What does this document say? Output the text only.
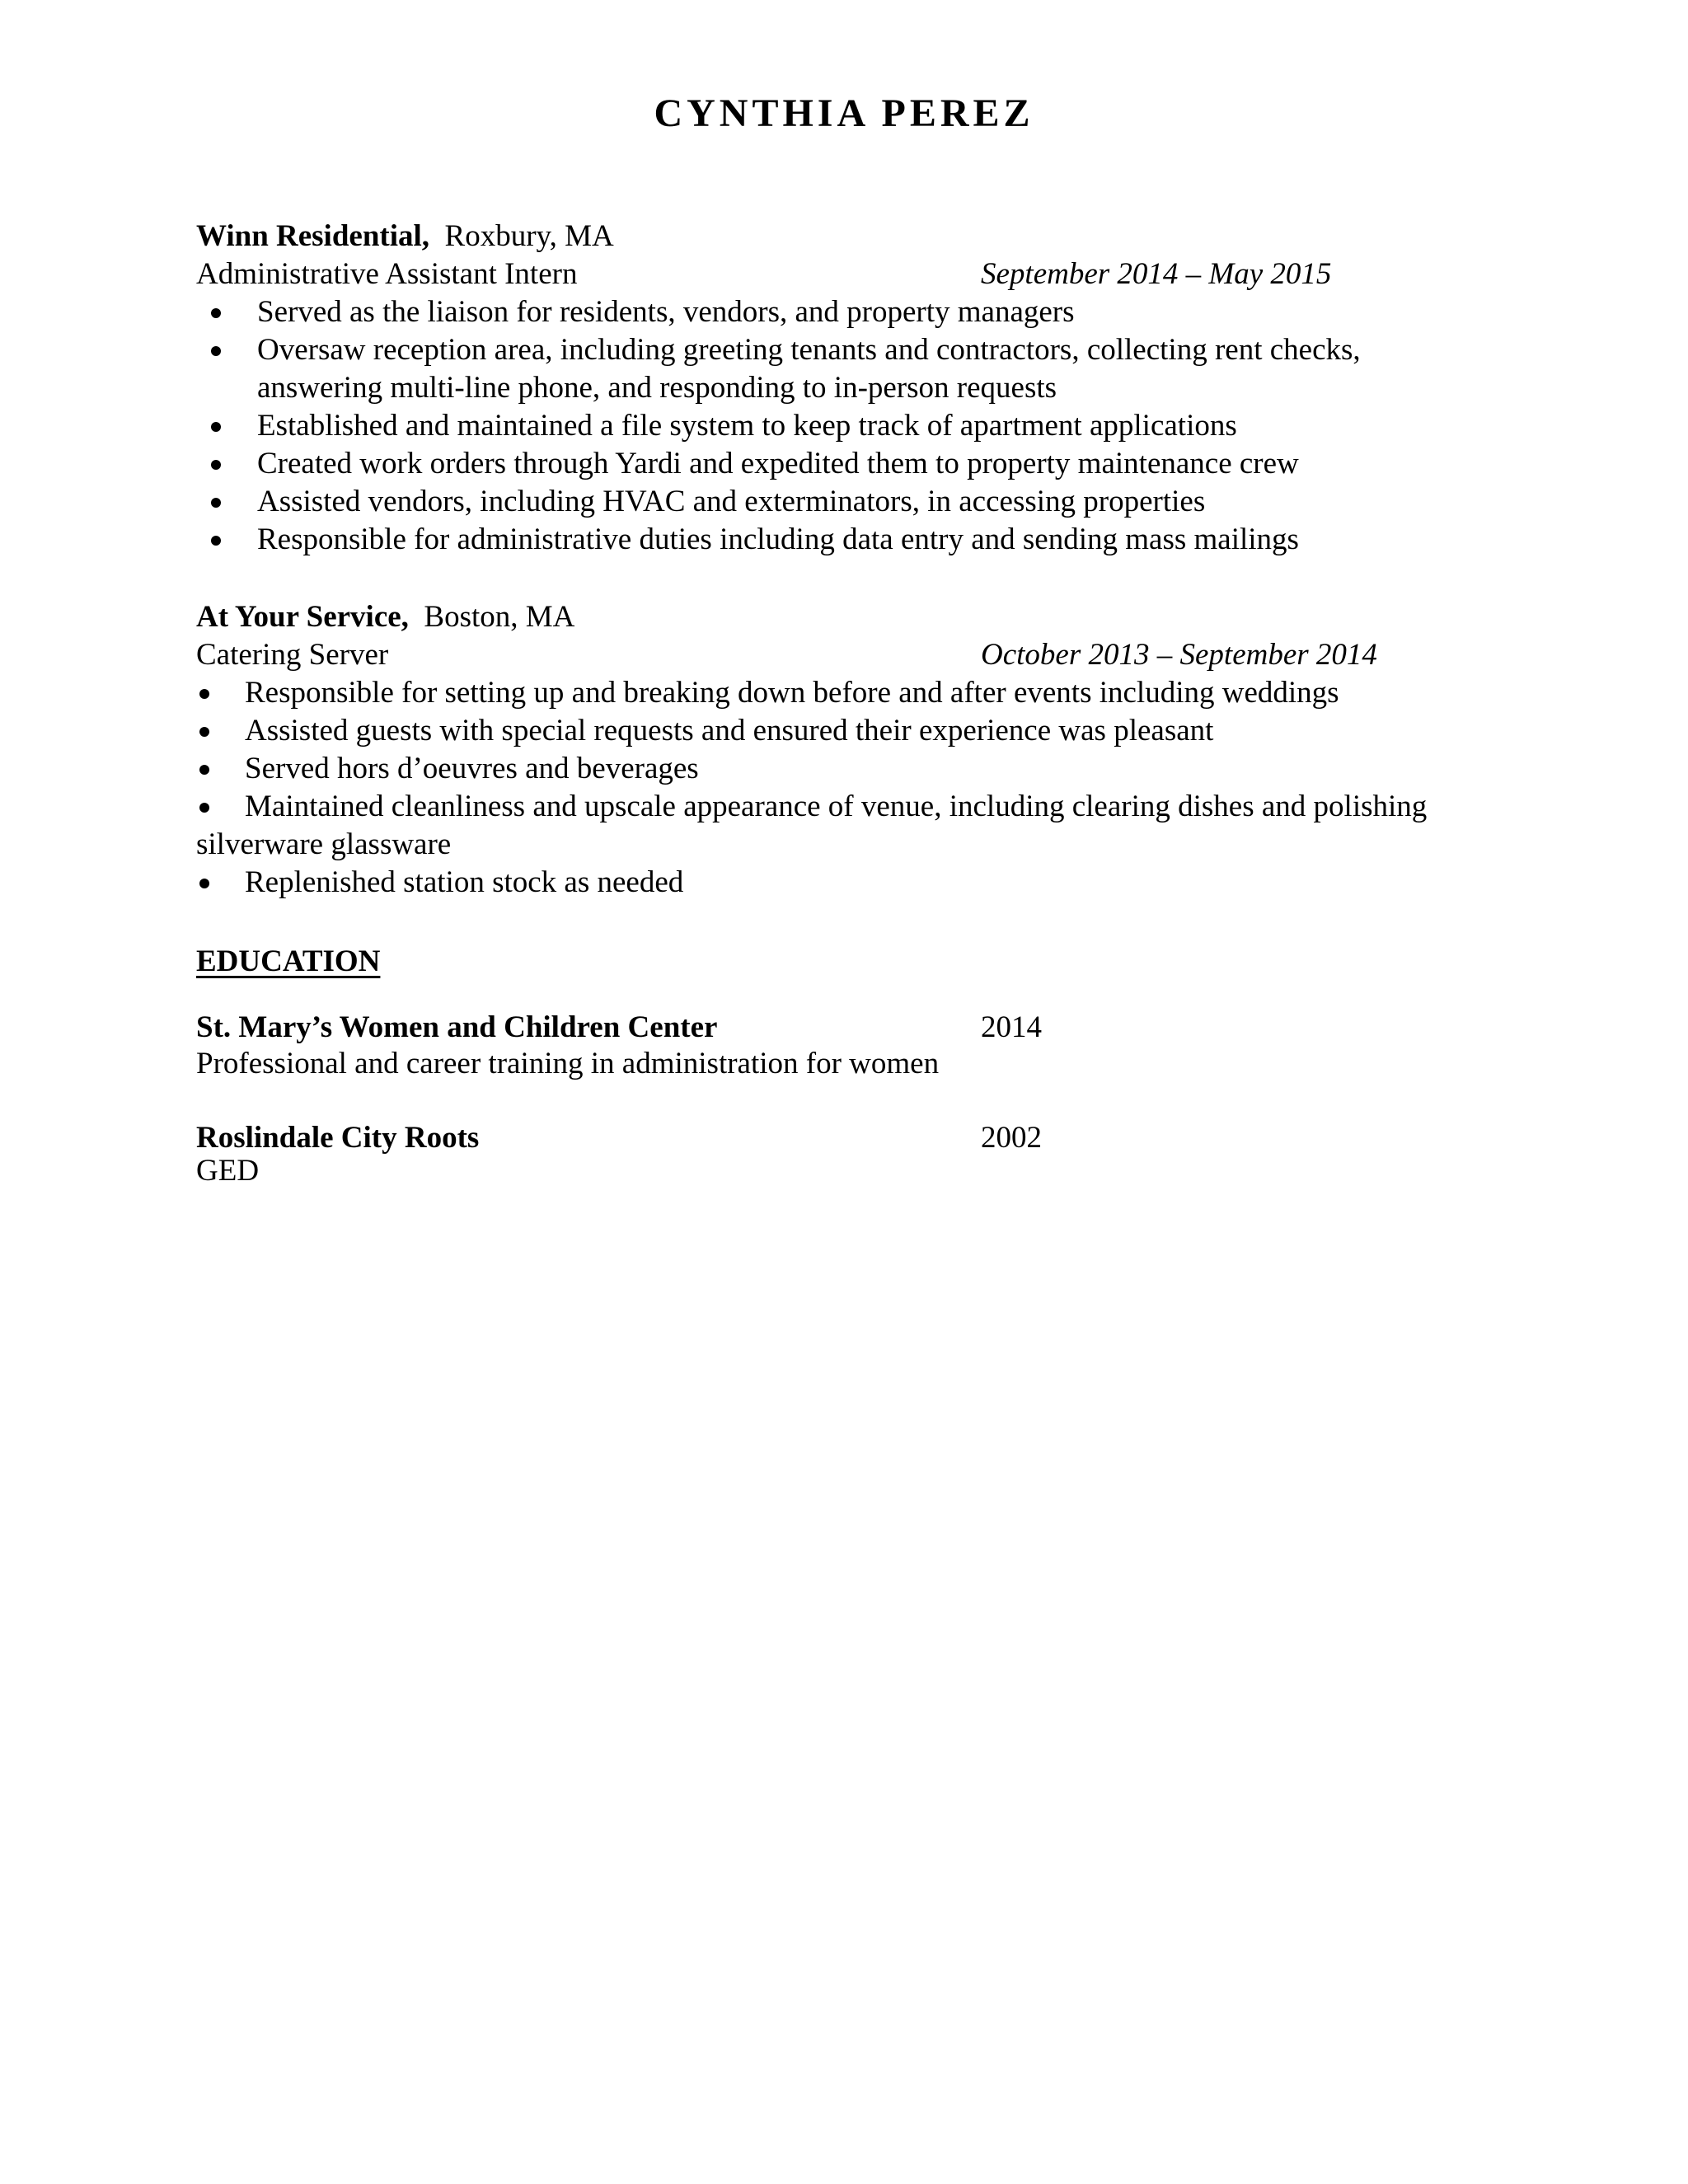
CYNTHIA PEREZ
Winn Residential, Roxbury, MA
Administrative Assistant Intern	September 2014 – May 2015
Served as the liaison for residents, vendors, and property managers
Oversaw reception area, including greeting tenants and contractors, collecting rent checks,
answering multi-line phone, and responding to in-person requests
Established and maintained a file system to keep track of apartment applications
Created work orders through Yardi and expedited them to property maintenance crew
Assisted vendors, including HVAC and exterminators, in accessing properties
Responsible for administrative duties including data entry and sending mass mailings
At Your Service, Boston, MA
Catering Server	October 2013 – September 2014
Responsible for setting up and breaking down before and after events including weddings
Assisted guests with special requests and ensured their experience was pleasant
Served hors d’oeuvres and beverages
Maintained cleanliness and upscale appearance of venue, including clearing dishes and polishing
silverware glassware
Replenished station stock as needed
EDUCATION
St. Mary’s Women and Children Center	2014
Professional and career training in administration for women
Roslindale City Roots	2002
GED
